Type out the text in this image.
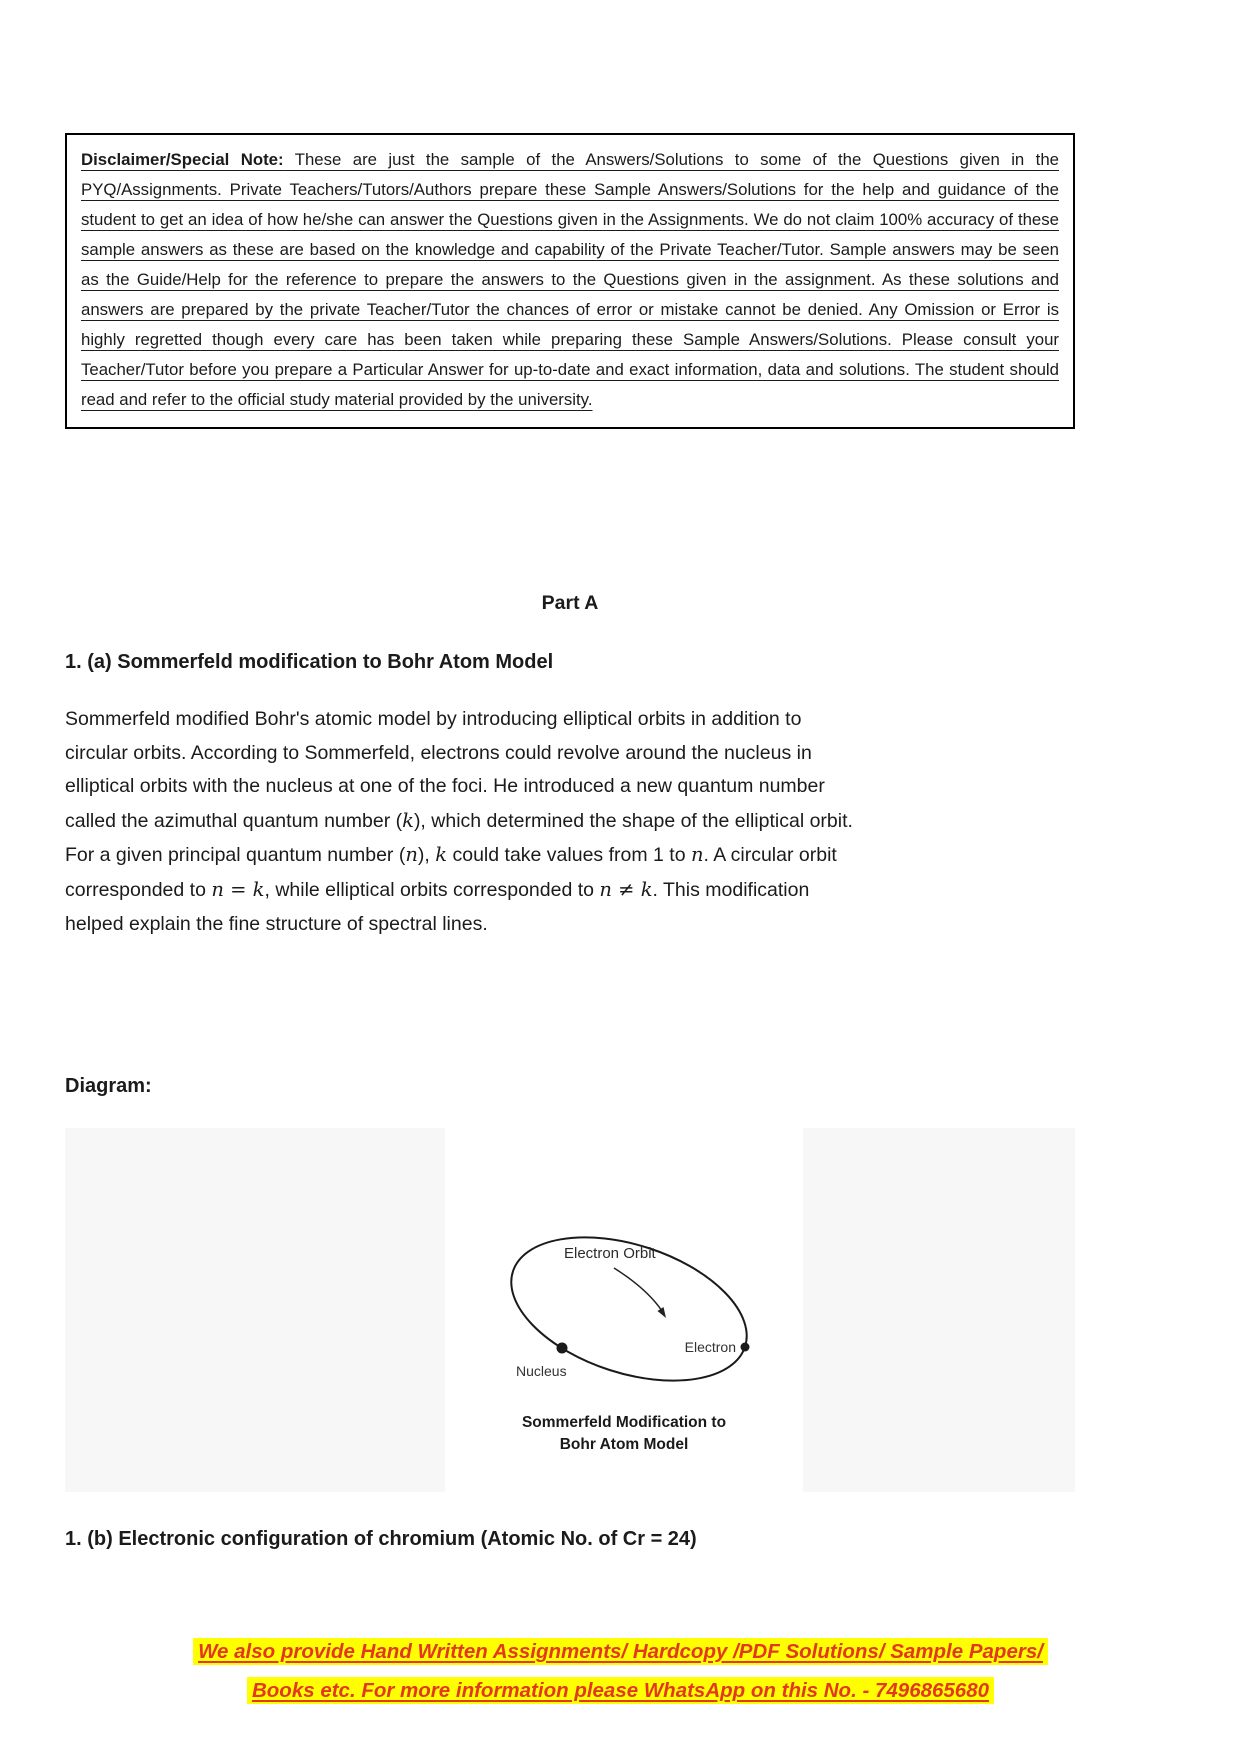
Disclaimer/Special Note: These are just the sample of the Answers/Solutions to some of the Questions given in the PYQ/Assignments. Private Teachers/Tutors/Authors prepare these Sample Answers/Solutions for the help and guidance of the student to get an idea of how he/she can answer the Questions given in the Assignments. We do not claim 100% accuracy of these sample answers as these are based on the knowledge and capability of the Private Teacher/Tutor. Sample answers may be seen as the Guide/Help for the reference to prepare the answers to the Questions given in the assignment. As these solutions and answers are prepared by the private Teacher/Tutor the chances of error or mistake cannot be denied. Any Omission or Error is highly regretted though every care has been taken while preparing these Sample Answers/Solutions. Please consult your Teacher/Tutor before you prepare a Particular Answer for up-to-date and exact information, data and solutions. The student should read and refer to the official study material provided by the university.
Part A
1. (a) Sommerfeld modification to Bohr Atom Model
Sommerfeld modified Bohr's atomic model by introducing elliptical orbits in addition to
circular orbits. According to Sommerfeld, electrons could revolve around the nucleus in
elliptical orbits with the nucleus at one of the foci. He introduced a new quantum number
called the azimuthal quantum number (k), which determined the shape of the elliptical orbit.
For a given principal quantum number (n), k could take values from 1 to n. A circular orbit
corresponded to n = k, while elliptical orbits corresponded to n ≠ k. This modification
helped explain the fine structure of spectral lines.
Diagram:
Electron Orbit
Electron
Nucleus
Sommerfeld Modification to
Bohr Atom Model
1. (b) Electronic configuration of chromium (Atomic No. of Cr = 24)
We also provide Hand Written Assignments/ Hardcopy /PDF Solutions/ Sample Papers/
Books etc. For more information please WhatsApp on this No. - 7496865680
